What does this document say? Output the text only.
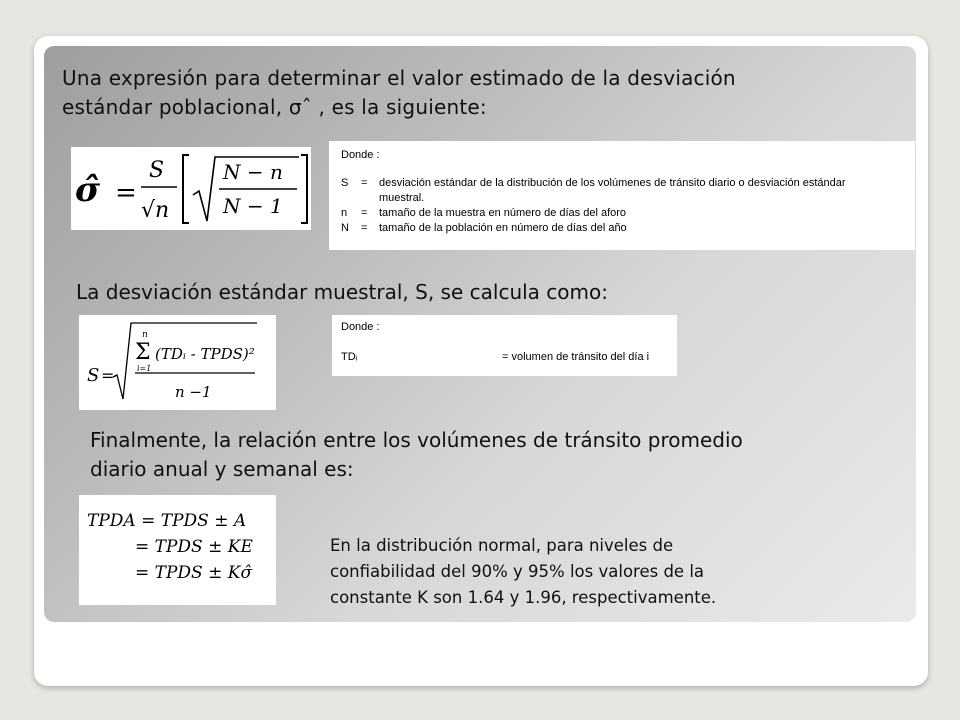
Una expresión para determinar el valor estimado de la desviación
estándar poblacional, σˆ , es la siguiente:
σ̂ =
S
√n
N − n
N − 1
Donde :
S = desviación estándar de la distribución de los volúmenes de tránsito diario o desviación estándar
muestral.
n = tamaño de la muestra en número de días del aforo
N = tamaño de la población en número de días del año
La desviación estándar muestral, S, se calcula como:
S =
n
Σ
i=1
(TDᵢ - TPDS)²
n −1
Donde :
TDᵢ	= volumen de tránsito del día i
Finalmente, la relación entre los volúmenes de tránsito promedio
diario anual y semanal es:
TPDA = TPDS ± A
= TPDS ± KE
= TPDS ± Kσ̂
En la distribución normal, para niveles de
confiabilidad del 90% y 95% los valores de la
constante K son 1.64 y 1.96, respectivamente.
